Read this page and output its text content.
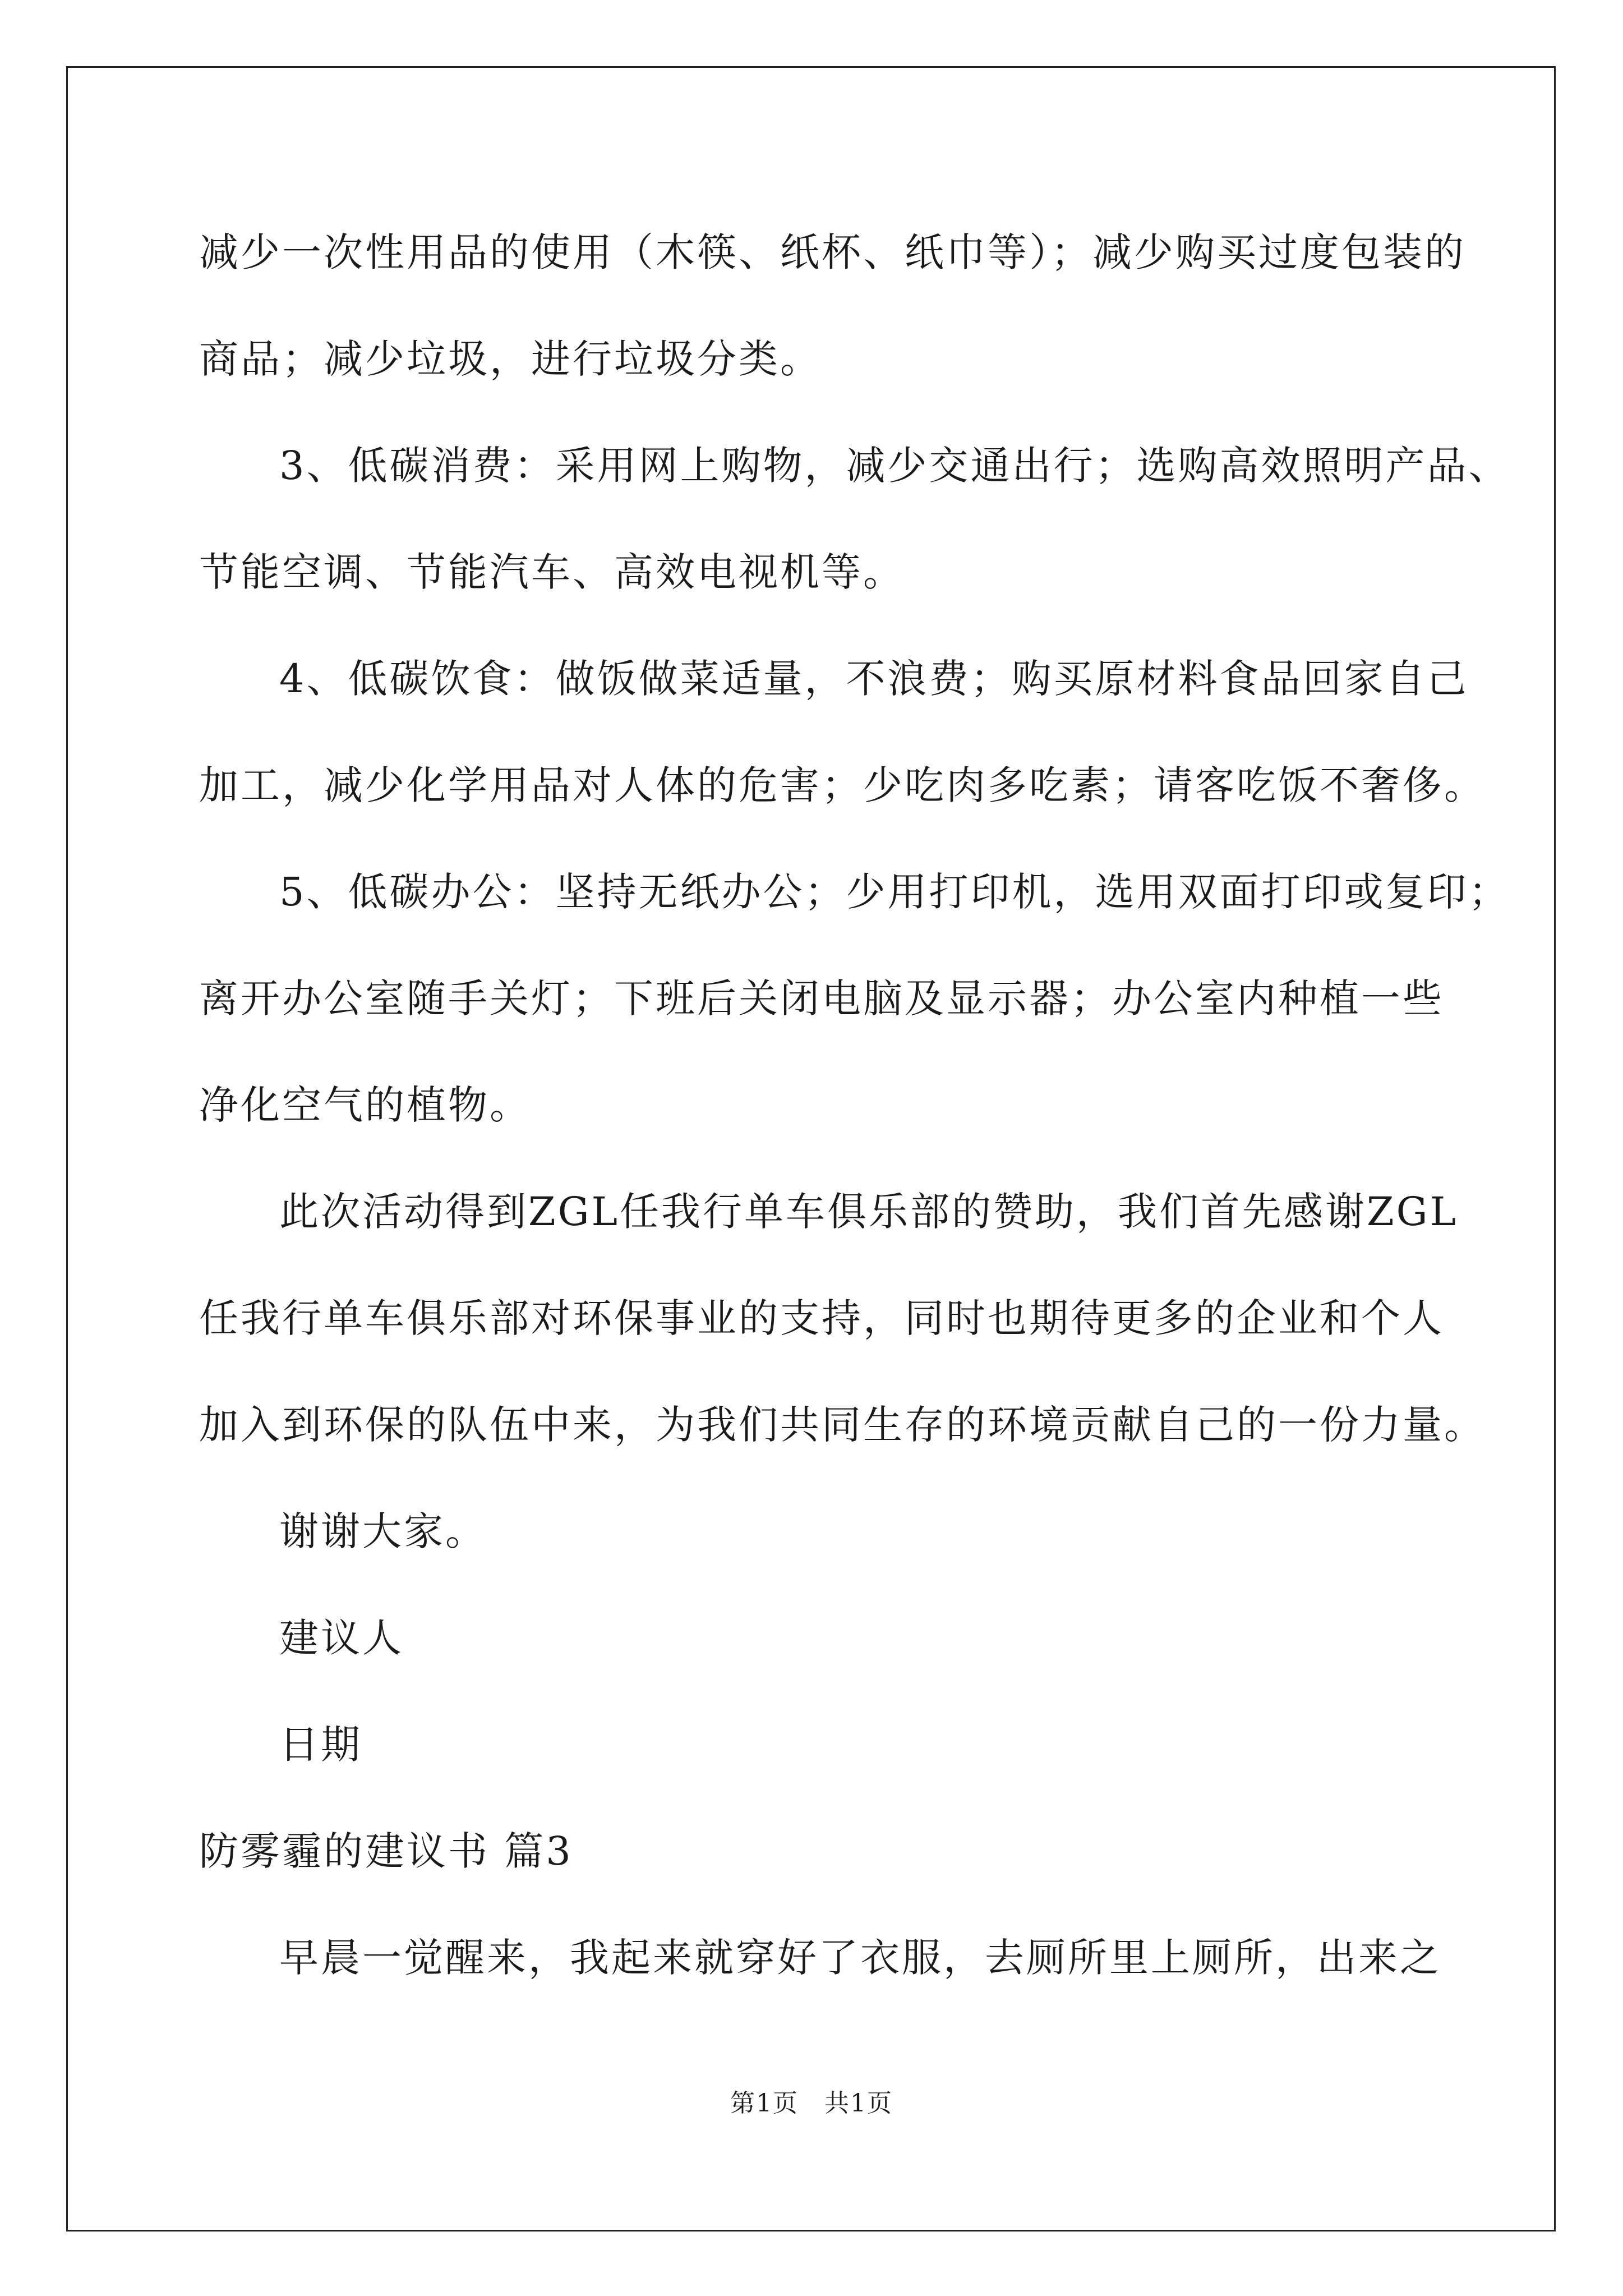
减少一次性用品的使用（木筷、纸杯、纸巾等）；减少购买过度包装的
商品；减少垃圾，进行垃圾分类。
3、低碳消费：采用网上购物，减少交通出行；选购高效照明产品、
节能空调、节能汽车、高效电视机等。
4、低碳饮食：做饭做菜适量，不浪费；购买原材料食品回家自己
加工，减少化学用品对人体的危害；少吃肉多吃素；请客吃饭不奢侈。
5、低碳办公：坚持无纸办公；少用打印机，选用双面打印或复印；
离开办公室随手关灯；下班后关闭电脑及显示器；办公室内种植一些
净化空气的植物。
此次活动得到ZGL任我行单车俱乐部的赞助，我们首先感谢ZGL
任我行单车俱乐部对环保事业的支持，同时也期待更多的企业和个人
加入到环保的队伍中来，为我们共同生存的环境贡献自己的一份力量。
谢谢大家。
建议人
日期
防雾霾的建议书 篇3
早晨一觉醒来，我起来就穿好了衣服，去厕所里上厕所，出来之
第1页　共1页
